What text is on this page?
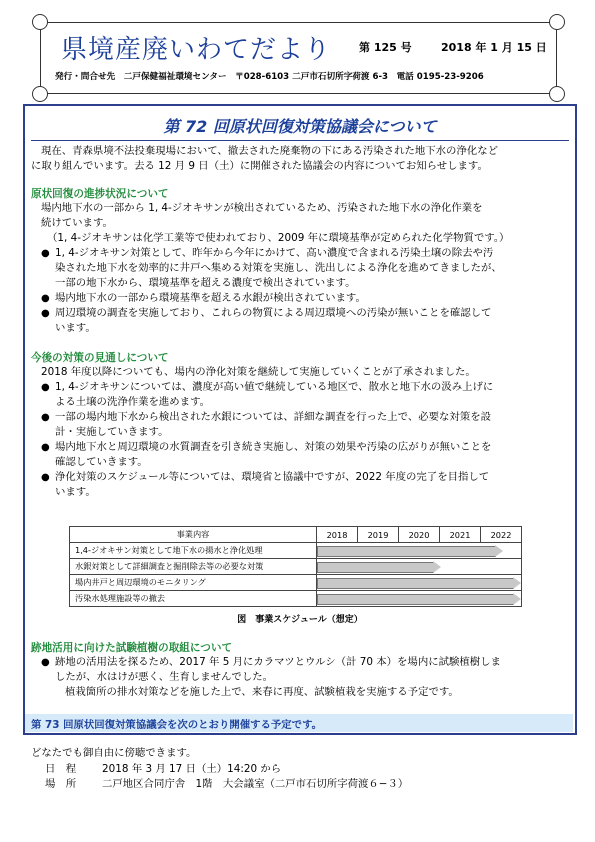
県境産廃いわてだより	第 125 号	2018 年 1 月 15 日
発行・問合せ先　二戸保健福祉環境センター　〒028-6103 二戸市石切所字荷渡 6-3　電話 0195-23-9206
第 72 回原状回復対策協議会について
現在、青森県境不法投棄現場において、撤去された廃棄物の下にある汚染された地下水の浄化など
に取り組んでいます。去る 12 月 9 日（土）に開催された協議会の内容についてお知らせします。
原状回復の進捗状況について
場内地下水の一部から 1, 4-ジオキサンが検出されているため、汚染された地下水の浄化作業を
続けています。
（1, 4-ジオキサンは化学工業等で使われており、2009 年に環境基準が定められた化学物質です。）
● 1, 4-ジオキサン対策として、昨年から今年にかけて、高い濃度で含まれる汚染土壌の除去や汚
染された地下水を効率的に井戸へ集める対策を実施し、洗出しによる浄化を進めてきましたが、
一部の地下水から、環境基準を超える濃度で検出されています。
● 場内地下水の一部から環境基準を超える水銀が検出されています。
● 周辺環境の調査を実施しており、これらの物質による周辺環境への汚染が無いことを確認して
います。
今後の対策の見通しについて
2018 年度以降についても、場内の浄化対策を継続して実施していくことが了承されました。
● 1, 4-ジオキサンについては、濃度が高い値で継続している地区で、散水と地下水の汲み上げに
よる土壌の洗浄作業を進めます。
● 一部の場内地下水から検出された水銀については、詳細な調査を行った上で、必要な対策を設
計・実施していきます。
● 場内地下水と周辺環境の水質調査を引き続き実施し、対策の効果や汚染の広がりが無いことを
確認していきます。
● 浄化対策のスケジュール等については、環境省と協議中ですが、2022 年度の完了を目指して
います。
事業内容	2018	2019	2020	2021	2022
1,4-ジオキサン対策として地下水の揚水と浄化処理					

水銀対策として詳細調査と掘削除去等の必要な対策					

場内井戸と周辺環境のモニタリング					

汚染水処理施設等の撤去					
図　事業スケジュール（想定）
跡地活用に向けた試験植樹の取組について
● 跡地の活用法を探るため、2017 年 5 月にカラマツとウルシ（計 70 本）を場内に試験植樹しま
したが、水はけが悪く、生育しませんでした。
植栽箇所の排水対策などを施した上で、来春に再度、試験植栽を実施する予定です。
第 73 回原状回復対策協議会を次のとおり開催する予定です。
どなたでも御自由に傍聴できます。
日　程 2018 年 3 月 17 日（土）14:20 から
場　所 二戸地区合同庁舎　1階　大会議室（二戸市石切所字荷渡６−３）
